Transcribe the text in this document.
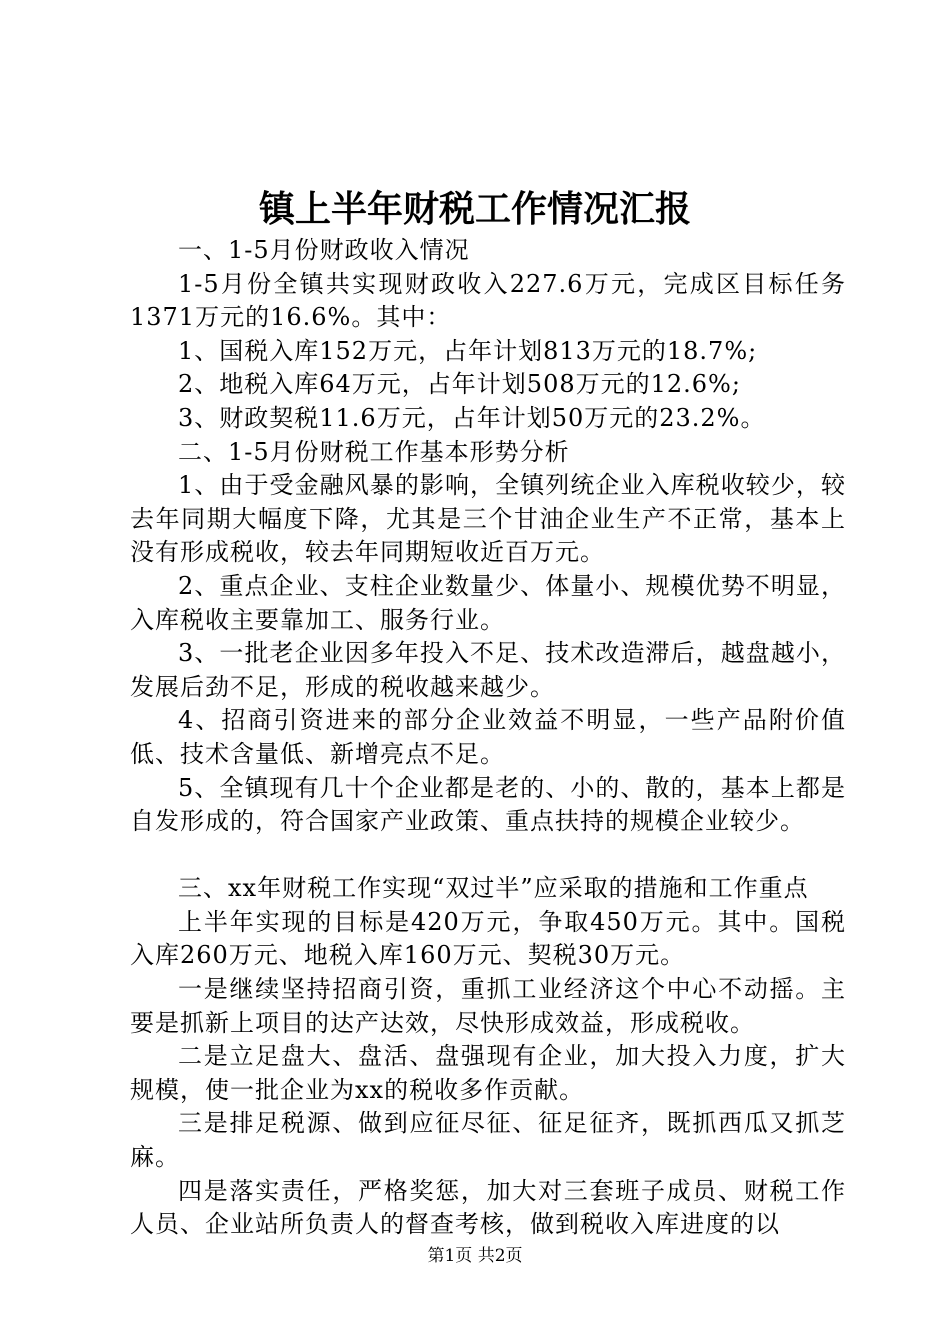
镇上半年财税工作情况汇报

一、1-5月份财政收入情况

1-5月份全镇共实现财政收入227.6万元，完成区目标任务1371万元的16.6%。其中：

1、国税入库152万元，占年计划813万元的18.7%;

2、地税入库64万元，占年计划508万元的12.6%;

3、财政契税11.6万元，占年计划50万元的23.2%。

二、1-5月份财税工作基本形势分析

1、由于受金融风暴的影响，全镇列统企业入库税收较少，较去年同期大幅度下降，尤其是三个甘油企业生产不正常，基本上没有形成税收，较去年同期短收近百万元。

2、重点企业、支柱企业数量少、体量小、规模优势不明显，入库税收主要靠加工、服务行业。

3、一批老企业因多年投入不足、技术改造滞后，越盘越小，发展后劲不足，形成的税收越来越少。

4、招商引资进来的部分企业效益不明显，一些产品附价值低、技术含量低、新增亮点不足。

5、全镇现有几十个企业都是老的、小的、散的，基本上都是自发形成的，符合国家产业政策、重点扶持的规模企业较少。

三、xx年财税工作实现“双过半”应采取的措施和工作重点

上半年实现的目标是420万元，争取450万元。其中。国税入库260万元、地税入库160万元、契税30万元。

一是继续坚持招商引资，重抓工业经济这个中心不动摇。主要是抓新上项目的达产达效，尽快形成效益，形成税收。

二是立足盘大、盘活、盘强现有企业，加大投入力度，扩大规模，使一批企业为xx的税收多作贡献。

三是排足税源、做到应征尽征、征足征齐，既抓西瓜又抓芝麻。

四是落实责任，严格奖惩，加大对三套班子成员、财税工作人员、企业站所负责人的督查考核，做到税收入库进度的以

第1页 共2页
